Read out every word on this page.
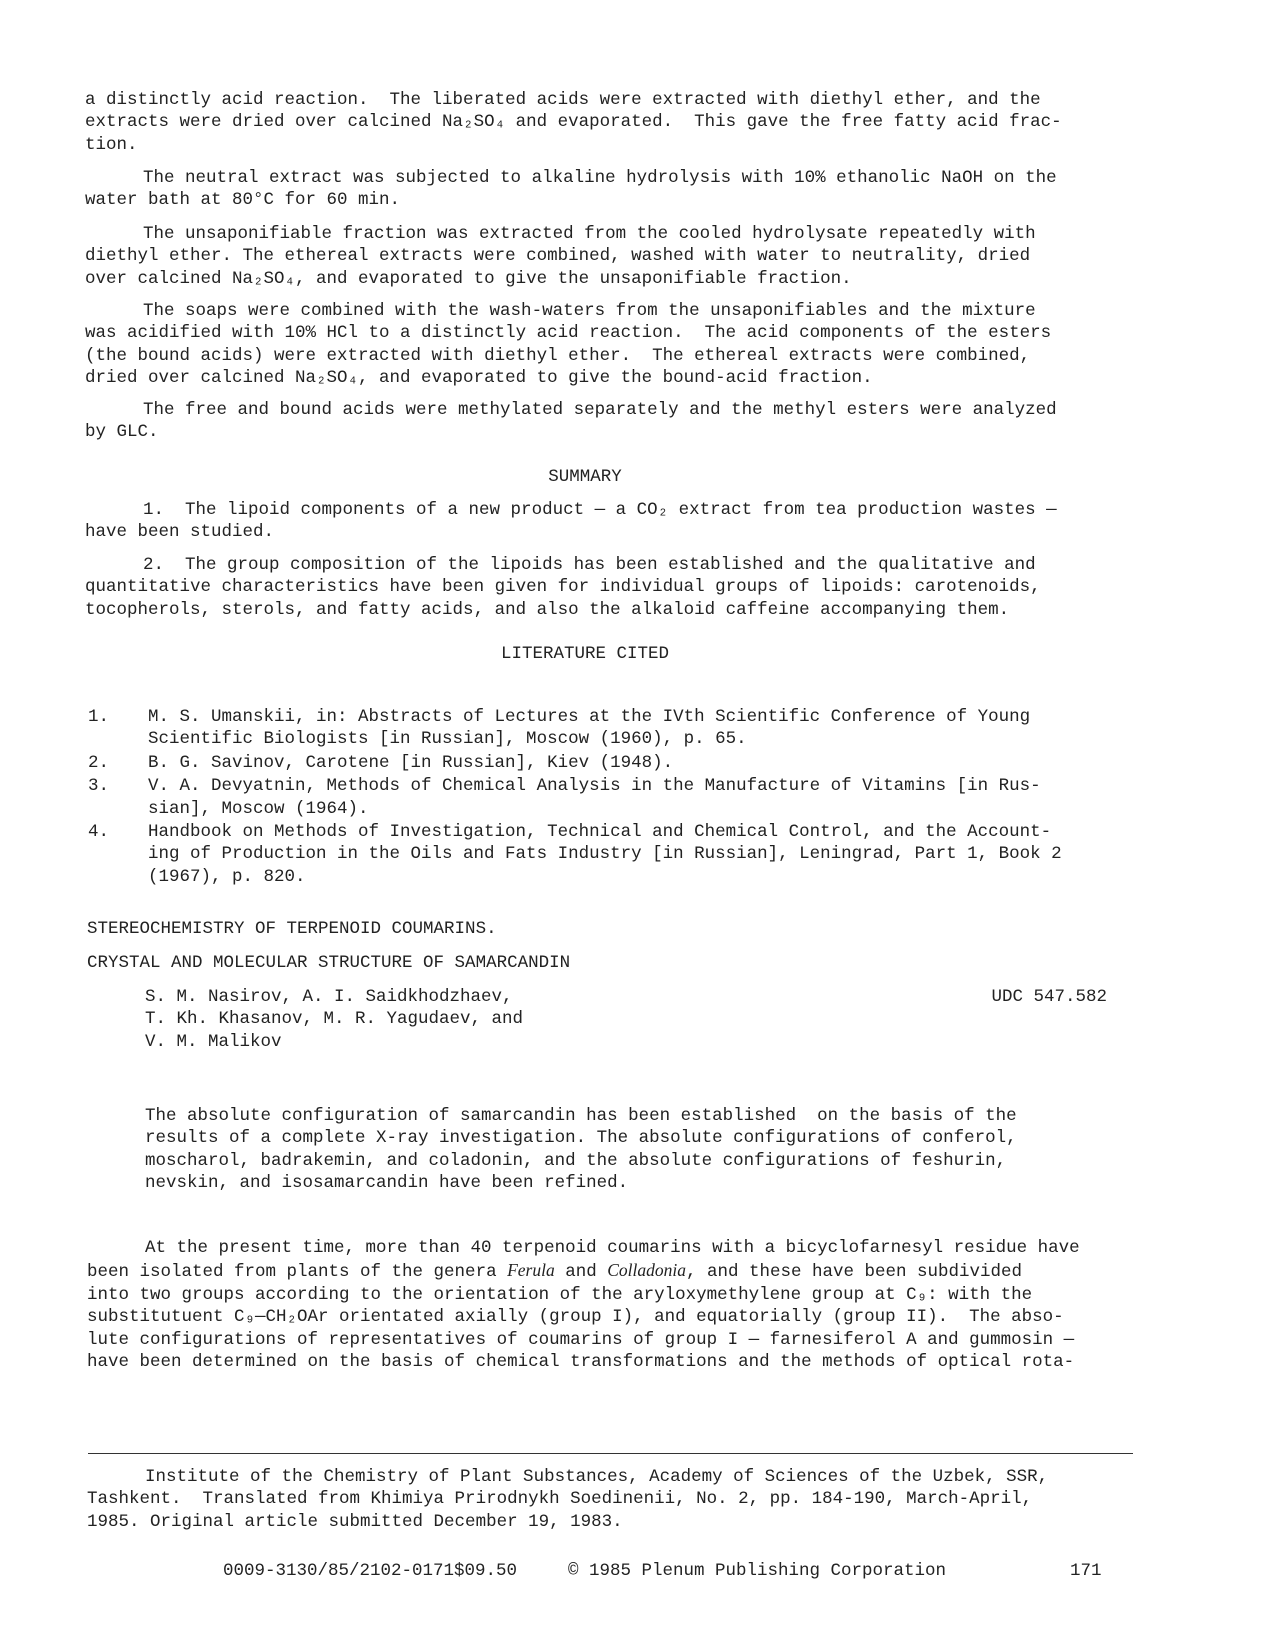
a distinctly acid reaction.  The liberated acids were extracted with diethyl ether, and the
extracts were dried over calcined Na₂SO₄ and evaporated.  This gave the free fatty acid frac-
tion.
The neutral extract was subjected to alkaline hydrolysis with 10% ethanolic NaOH on the
water bath at 80°C for 60 min.
The unsaponifiable fraction was extracted from the cooled hydrolysate repeatedly with
diethyl ether. The ethereal extracts were combined, washed with water to neutrality, dried
over calcined Na₂SO₄, and evaporated to give the unsaponifiable fraction.
The soaps were combined with the wash-waters from the unsaponifiables and the mixture
was acidified with 10% HCl to a distinctly acid reaction.  The acid components of the esters
(the bound acids) were extracted with diethyl ether.  The ethereal extracts were combined,
dried over calcined Na₂SO₄, and evaporated to give the bound-acid fraction.
The free and bound acids were methylated separately and the methyl esters were analyzed
by GLC.
SUMMARY
1.  The lipoid components of a new product — a CO₂ extract from tea production wastes —
have been studied.
2.  The group composition of the lipoids has been established and the qualitative and
quantitative characteristics have been given for individual groups of lipoids: carotenoids,
tocopherols, sterols, and fatty acids, and also the alkaloid caffeine accompanying them.
LITERATURE CITED
1. M. S. Umanskii, in: Abstracts of Lectures at the IVth Scientific Conference of Young
Scientific Biologists [in Russian], Moscow (1960), p. 65.
2. B. G. Savinov, Carotene [in Russian], Kiev (1948).
3. V. A. Devyatnin, Methods of Chemical Analysis in the Manufacture of Vitamins [in Rus-
sian], Moscow (1964).
4. Handbook on Methods of Investigation, Technical and Chemical Control, and the Account-
ing of Production in the Oils and Fats Industry [in Russian], Leningrad, Part 1, Book 2
(1967), p. 820.
STEREOCHEMISTRY OF TERPENOID COUMARINS.
CRYSTAL AND MOLECULAR STRUCTURE OF SAMARCANDIN
S. M. Nasirov, A. I. Saidkhodzhaev,
T. Kh. Khasanov, M. R. Yagudaev, and
V. M. Malikov
UDC 547.582
The absolute configuration of samarcandin has been established  on the basis of the
results of a complete X-ray investigation. The absolute configurations of conferol,
moscharol, badrakemin, and coladonin, and the absolute configurations of feshurin,
nevskin, and isosamarcandin have been refined.
At the present time, more than 40 terpenoid coumarins with a bicyclofarnesyl residue have
been isolated from plants of the genera Ferula and Colladonia, and these have been subdivided
into two groups according to the orientation of the aryloxymethylene group at C₉: with the
substitutuent C₉—CH₂OAr orientated axially (group I), and equatorially (group II).  The abso-
lute configurations of representatives of coumarins of group I — farnesiferol A and gummosin —
have been determined on the basis of chemical transformations and the methods of optical rota-
Institute of the Chemistry of Plant Substances, Academy of Sciences of the Uzbek, SSR,
Tashkent.  Translated from Khimiya Prirodnykh Soedinenii, No. 2, pp. 184-190, March-April,
1985. Original article submitted December 19, 1983.
0009-3130/85/2102-0171$09.50	© 1985 Plenum Publishing Corporation	171
